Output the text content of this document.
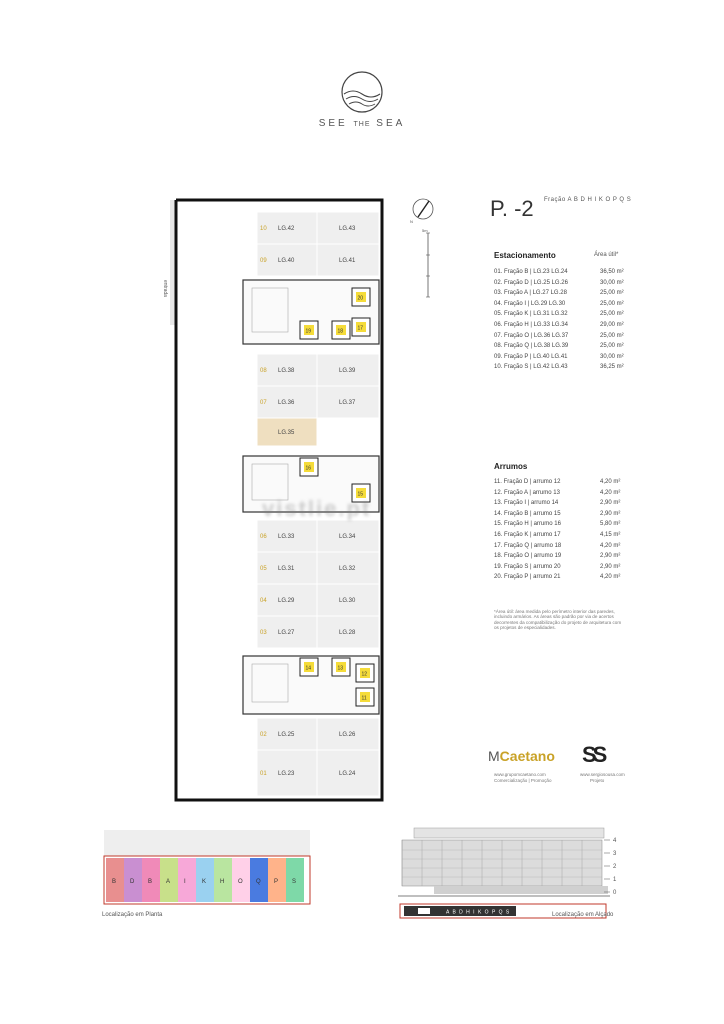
SEE THE SEA
entrada
LG.42	LG.43
10
LG.40	LG.41
09
LG.38	LG.39
08
LG.36	LG.37
07
LG.35
LG.33	LG.34
06
LG.31	LG.32
05
LG.29	LG.30
04
LG.27	LG.28
03
LG.25	LG.26
02
LG.23	LG.24
01
20
19	18	17
16
15
14	13
12
11
N
5m
P. -2 Fração A B D H I K O P Q S
Estacionamento	Área útil*
01. Fração B | LG.23 LG.24	36,50 m²
02. Fração D | LG.25 LG.26	30,00 m²
03. Fração A | LG.27 LG.28	25,00 m²
04. Fração I | LG.29 LG.30	25,00 m²
05. Fração K | LG.31 LG.32	25,00 m²
06. Fração H | LG.33 LG.34	29,00 m²
07. Fração O | LG.36 LG.37	25,00 m²
08. Fração Q | LG.38 LG.39	25,00 m²
09. Fração P | LG.40 LG.41	30,00 m²
10. Fração S | LG.42 LG.43	36,25 m²
Arrumos
11. Fração D | arrumo 12	4,20 m²
12. Fração A | arrumo 13	4,20 m²
13. Fração I | arrumo 14	2,90 m²
14. Fração B | arrumo 15	2,90 m²
15. Fração H | arrumo 16	5,80 m²
16. Fração K | arrumo 17	4,15 m²
17. Fração Q | arrumo 18	4,20 m²
18. Fração O | arrumo 19	2,90 m²
19. Fração S | arrumo 20	2,90 m²
20. Fração P | arrumo 21	4,20 m²
*Área útil: área medida pelo perímetro interior das paredes, incluindo armários. As áreas são padrão por via de acertos decorrentes da compatibilização do projeto de arquitetura com os projetos de especialidades.
vistlie.pt
MCaetano
www.grupomcaetano.com
Comercialização | Promoção
SS
www.sergiosousa.com
Projeto
B D B A I	K H O Q P S
Localização em Planta	A B D H I K O P Q S
4
3
2
1
0
Localização em Alçado
